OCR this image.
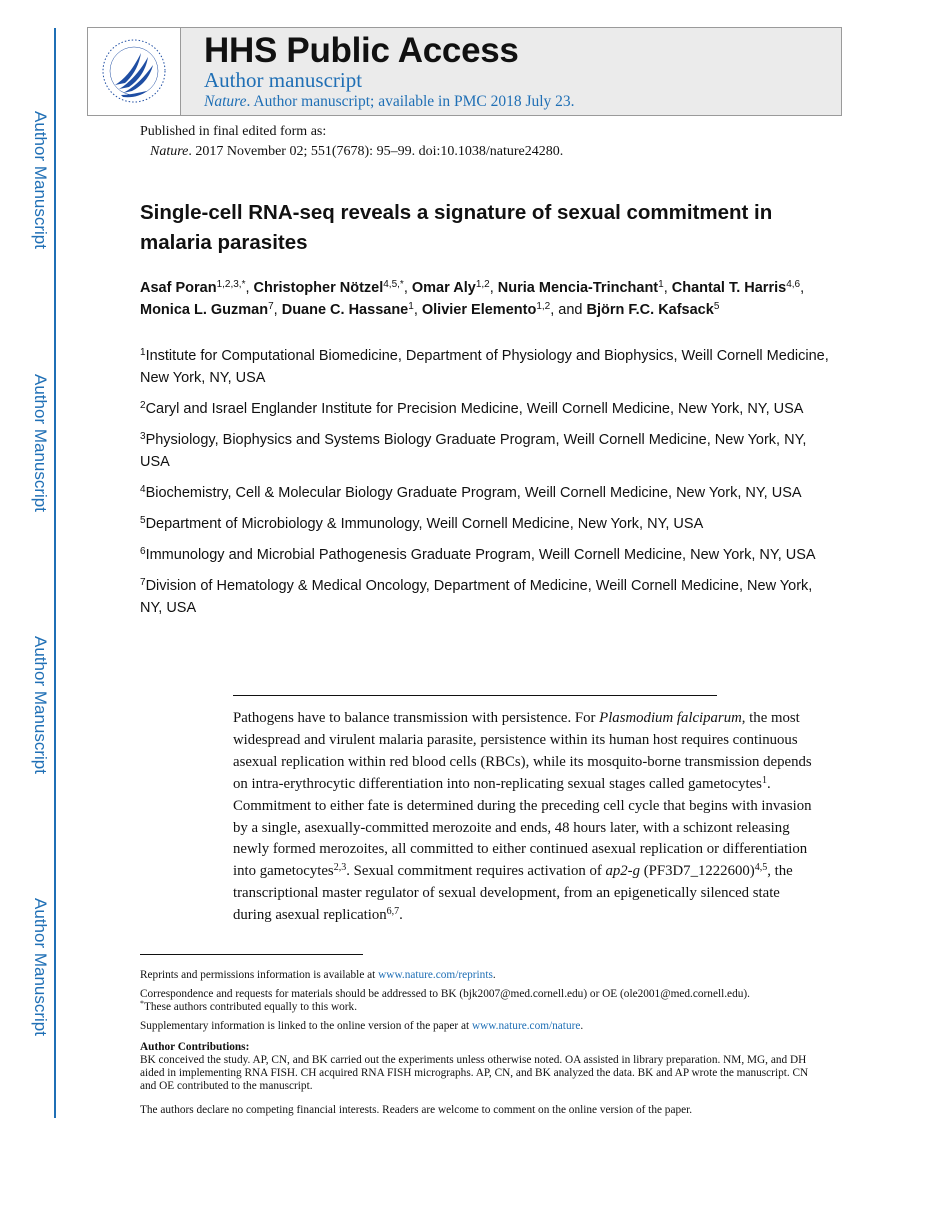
Author Manuscript
Author Manuscript
Author Manuscript
Author Manuscript
HHS Public Access
Author manuscript
Nature. Author manuscript; available in PMC 2018 July 23.
Published in final edited form as:
Nature. 2017 November 02; 551(7678): 95–99. doi:10.1038/nature24280.
Single-cell RNA-seq reveals a signature of sexual commitment in malaria parasites
Asaf Poran$^{1,2,3,*}$, Christopher Nötzel$^{4,5,*}$, Omar Aly$^{1,2}$, Nuria Mencia-Trinchant$^1$, Chantal T. Harris$^{4,6}$, Monica L. Guzman$^7$, Duane C. Hassane$^1$, Olivier Elemento$^{1,2}$, and Björn F.C. Kafsack$^5$
$^1$Institute for Computational Biomedicine, Department of Physiology and Biophysics, Weill Cornell Medicine, New York, NY, USA
$^2$Caryl and Israel Englander Institute for Precision Medicine, Weill Cornell Medicine, New York, NY, USA
$^3$Physiology, Biophysics and Systems Biology Graduate Program, Weill Cornell Medicine, New York, NY, USA
$^4$Biochemistry, Cell & Molecular Biology Graduate Program, Weill Cornell Medicine, New York, NY, USA
$^5$Department of Microbiology & Immunology, Weill Cornell Medicine, New York, NY, USA
$^6$Immunology and Microbial Pathogenesis Graduate Program, Weill Cornell Medicine, New York, NY, USA
$^7$Division of Hematology & Medical Oncology, Department of Medicine, Weill Cornell Medicine, New York, NY, USA
Pathogens have to balance transmission with persistence. For Plasmodium falciparum, the most widespread and virulent malaria parasite, persistence within its human host requires continuous asexual replication within red blood cells (RBCs), while its mosquito-borne transmission depends on intra-erythrocytic differentiation into non-replicating sexual stages called gametocytes$^1$. Commitment to either fate is determined during the preceding cell cycle that begins with invasion by a single, asexually-committed merozoite and ends, 48 hours later, with a schizont releasing newly formed merozoites, all committed to either continued asexual replication or differentiation into gametocytes$^{2,3}$. Sexual commitment requires activation of ap2-g (PF3D7_1222600)$^{4,5}$, the transcriptional master regulator of sexual development, from an epigenetically silenced state during asexual replication$^{6,7}$.
Reprints and permissions information is available at www.nature.com/reprints.
Correspondence and requests for materials should be addressed to BK (bjk2007@med.cornell.edu) or OE (ole2001@med.cornell.edu).
*These authors contributed equally to this work.
Supplementary information is linked to the online version of the paper at www.nature.com/nature.
Author Contributions:
BK conceived the study. AP, CN, and BK carried out the experiments unless otherwise noted. OA assisted in library preparation. NM, MG, and DH aided in implementing RNA FISH. CH acquired RNA FISH micrographs. AP, CN, and BK analyzed the data. BK and AP wrote the manuscript. CN and OE contributed to the manuscript.
The authors declare no competing financial interests. Readers are welcome to comment on the online version of the paper.
